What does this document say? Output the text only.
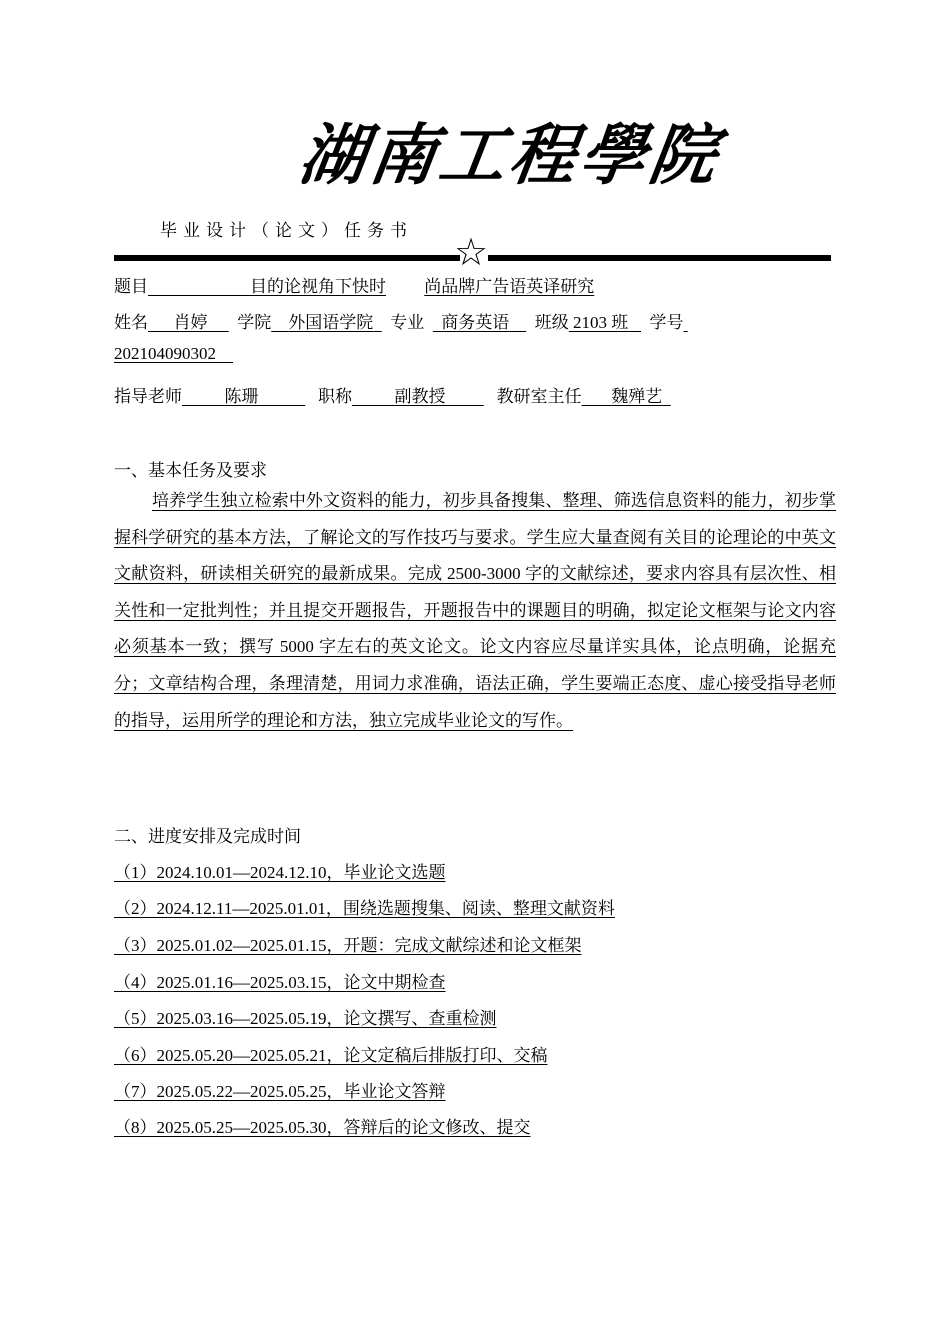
湖南工程學院
毕业设计（论文）任务书 ☆
题目	目的论视角下快时 尚品牌广告语英译研究
姓名 肖婷 学院 外国语学院 专业 商务英语 班级 2103 班 学号
202104090302
指导老师	陈珊	职称	副教授	教研室主任 魏殚艺
一、基本任务及要求
培养学生独立检索中外文资料的能力，初步具备搜集、整理、筛选信息资料的能力，初步掌握科学研究的基本方法，了解论文的写作技巧与要求。学生应大量查阅有关目的论理论的中英文文献资料，研读相关研究的最新成果。完成 2500-3000 字的文献综述，要求内容具有层次性、相关性和一定批判性；并且提交开题报告，开题报告中的课题目的明确，拟定论文框架与论文内容必须基本一致；撰写 5000 字左右的英文论文。论文内容应尽量详实具体，论点明确，论据充分；文章结构合理，条理清楚，用词力求准确，语法正确，学生要端正态度、虚心接受指导老师的指导，运用所学的理论和方法，独立完成毕业论文的写作。
二、进度安排及完成时间
（1）2024.10.01—2024.12.10，毕业论文选题
（2）2024.12.11—2025.01.01，围绕选题搜集、阅读、整理文献资料
（3）2025.01.02—2025.01.15，开题：完成文献综述和论文框架
（4）2025.01.16—2025.03.15，论文中期检查
（5）2025.03.16—2025.05.19，论文撰写、查重检测
（6）2025.05.20—2025.05.21，论文定稿后排版打印、交稿
（7）2025.05.22—2025.05.25，毕业论文答辩
（8）2025.05.25—2025.05.30，答辩后的论文修改、提交
